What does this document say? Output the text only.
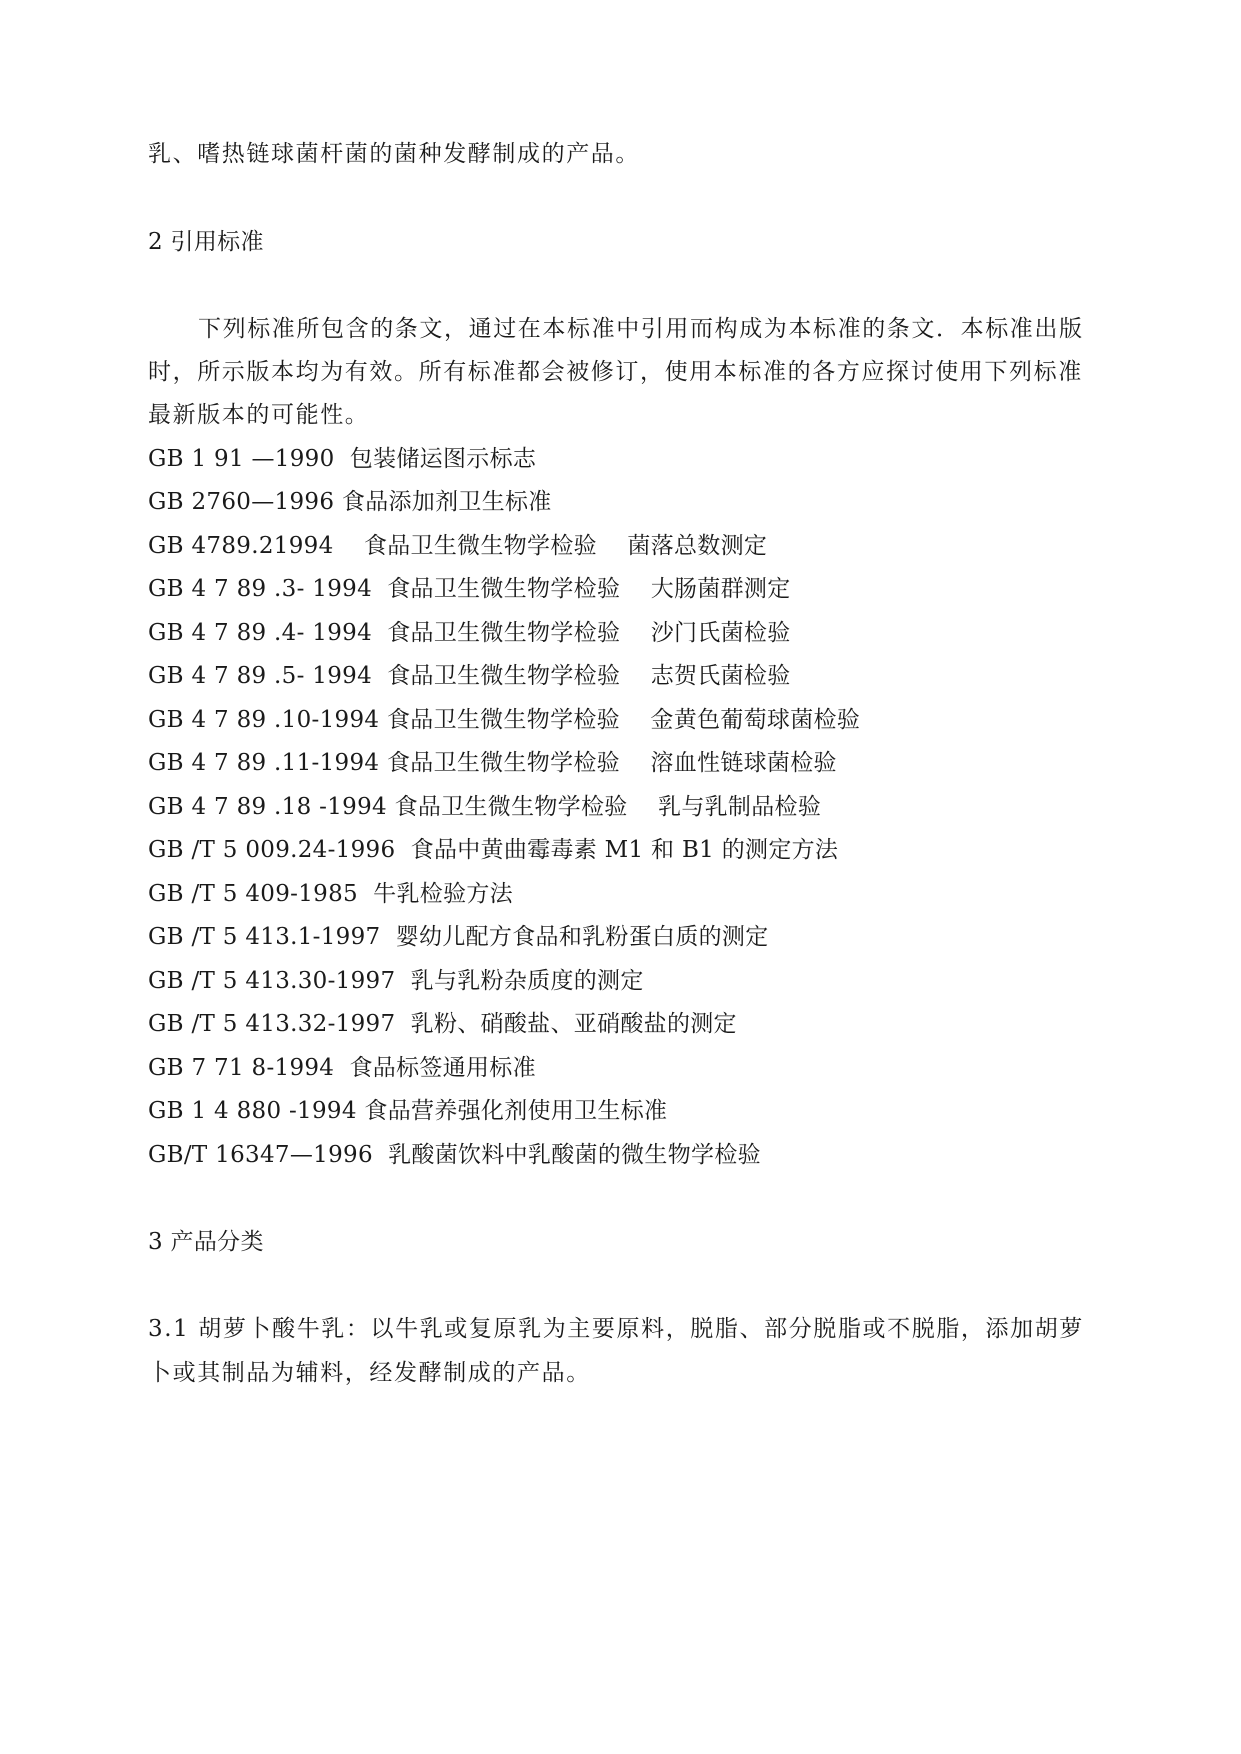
乳、嗜热链球菌杆菌的菌种发酵制成的产品。
2 引用标准
下列标准所包含的条文，通过在本标准中引用而构成为本标准的条文．本标准出版
时，所示版本均为有效。所有标准都会被修订，使用本标准的各方应探讨使用下列标准
最新版本的可能性。
GB 1 91 —1990 包装储运图示标志
GB 2760—1996 食品添加剂卫生标准
GB 4789.21994 食品卫生微生物学检验    菌落总数测定
GB 4 7 89 .3- 1994 食品卫生微生物学检验    大肠菌群测定
GB 4 7 89 .4- 1994 食品卫生微生物学检验    沙门氏菌检验
GB 4 7 89 .5- 1994 食品卫生微生物学检验    志贺氏菌检验
GB 4 7 89 .10-1994 食品卫生微生物学检验    金黄色葡萄球菌检验
GB 4 7 89 .11-1994 食品卫生微生物学检验    溶血性链球菌检验
GB 4 7 89 .18 -1994 食品卫生微生物学检验    乳与乳制品检验
GB /T 5 009.24-1996 食品中黄曲霉毒素 M1 和 B1 的测定方法
GB /T 5 409-1985 牛乳检验方法
GB /T 5 413.1-1997 婴幼儿配方食品和乳粉蛋白质的测定
GB /T 5 413.30-1997 乳与乳粉杂质度的测定
GB /T 5 413.32-1997 乳粉、硝酸盐、亚硝酸盐的测定
GB 7 71 8-1994 食品标签通用标准
GB 1 4 880 -1994 食品营养强化剂使用卫生标准
GB/T 16347—1996 乳酸菌饮料中乳酸菌的微生物学检验
3 产品分类
3.1 胡萝卜酸牛乳：以牛乳或复原乳为主要原料，脱脂、部分脱脂或不脱脂，添加胡萝
卜或其制品为辅料，经发酵制成的产品。
